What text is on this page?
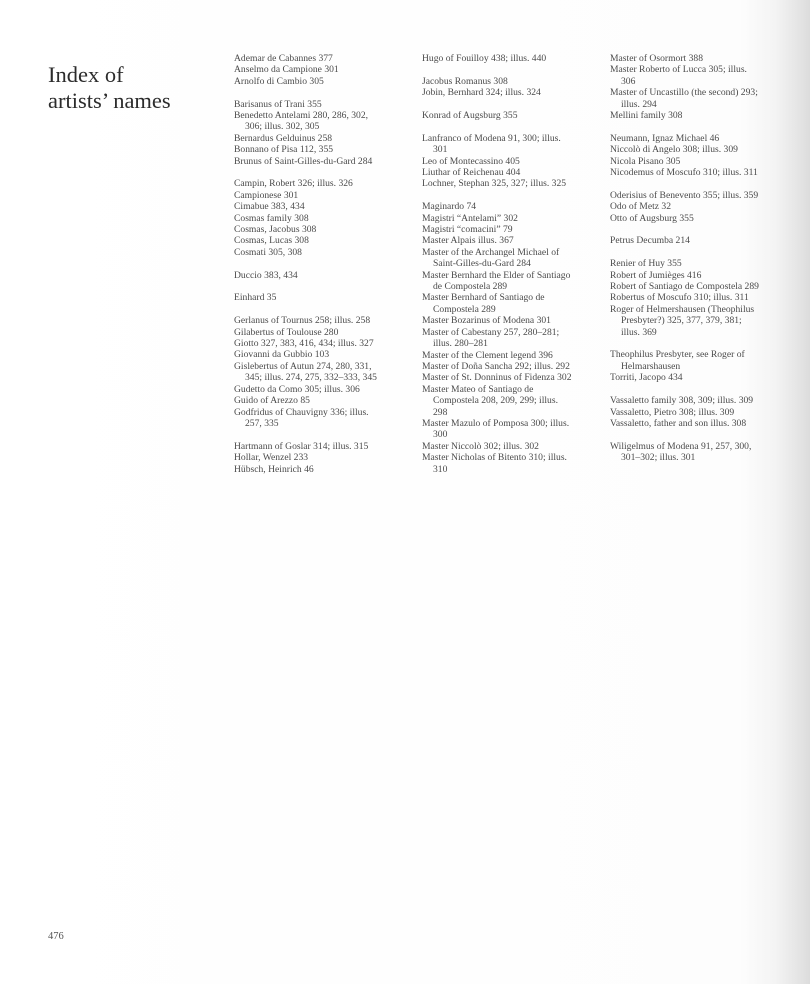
Index of
artists’ names
Ademar de Cabannes 377
Anselmo da Campione 301
Arnolfo di Cambio 305
Barisanus of Trani 355
Benedetto Antelami 280, 286, 302,
306; illus. 302, 305
Bernardus Gelduinus 258
Bonnano of Pisa 112, 355
Brunus of Saint-Gilles-du-Gard 284
Campin, Robert 326; illus. 326
Campionese 301
Cimabue 383, 434
Cosmas family 308
Cosmas, Jacobus 308
Cosmas, Lucas 308
Cosmati 305, 308
Duccio 383, 434
Einhard 35
Gerlanus of Tournus 258; illus. 258
Gilabertus of Toulouse 280
Giotto 327, 383, 416, 434; illus. 327
Giovanni da Gubbio 103
Gislebertus of Autun 274, 280, 331,
345; illus. 274, 275, 332–333, 345
Gudetto da Como 305; illus. 306
Guido of Arezzo 85
Godfridus of Chauvigny 336; illus.
257, 335
Hartmann of Goslar 314; illus. 315
Hollar, Wenzel 233
Hübsch, Heinrich 46
Hugo of Fouilloy 438; illus. 440
Jacobus Romanus 308
Jobin, Bernhard 324; illus. 324
Konrad of Augsburg 355
Lanfranco of Modena 91, 300; illus.
301
Leo of Montecassino 405
Liuthar of Reichenau 404
Lochner, Stephan 325, 327; illus. 325
Maginardo 74
Magistri “Antelami” 302
Magistri “comacini” 79
Master Alpais illus. 367
Master of the Archangel Michael of
Saint-Gilles-du-Gard 284
Master Bernhard the Elder of Santiago
de Compostela 289
Master Bernhard of Santiago de
Compostela 289
Master Bozarinus of Modena 301
Master of Cabestany 257, 280–281;
illus. 280–281
Master of the Clement legend 396
Master of Doña Sancha 292; illus. 292
Master of St. Donninus of Fidenza 302
Master Mateo of Santiago de
Compostela 208, 209, 299; illus.
298
Master Mazulo of Pomposa 300; illus.
300
Master Niccolò 302; illus. 302
Master Nicholas of Bitento 310; illus.
310
Master of Osormort 388
Master Roberto of Lucca 305; illus.
306
Master of Uncastillo (the second) 293;
illus. 294
Mellini family 308
Neumann, Ignaz Michael 46
Niccolò di Angelo 308; illus. 309
Nicola Pisano 305
Nicodemus of Moscufo 310; illus. 311
Oderisius of Benevento 355; illus. 359
Odo of Metz 32
Otto of Augsburg 355
Petrus Decumba 214
Renier of Huy 355
Robert of Jumièges 416
Robert of Santiago de Compostela 289
Robertus of Moscufo 310; illus. 311
Roger of Helmershausen (Theophilus
Presbyter?) 325, 377, 379, 381;
illus. 369
Theophilus Presbyter, see Roger of
Helmarshausen
Torriti, Jacopo 434
Vassaletto family 308, 309; illus. 309
Vassaletto, Pietro 308; illus. 309
Vassaletto, father and son illus. 308
Wiligelmus of Modena 91, 257, 300,
301–302; illus. 301
476
